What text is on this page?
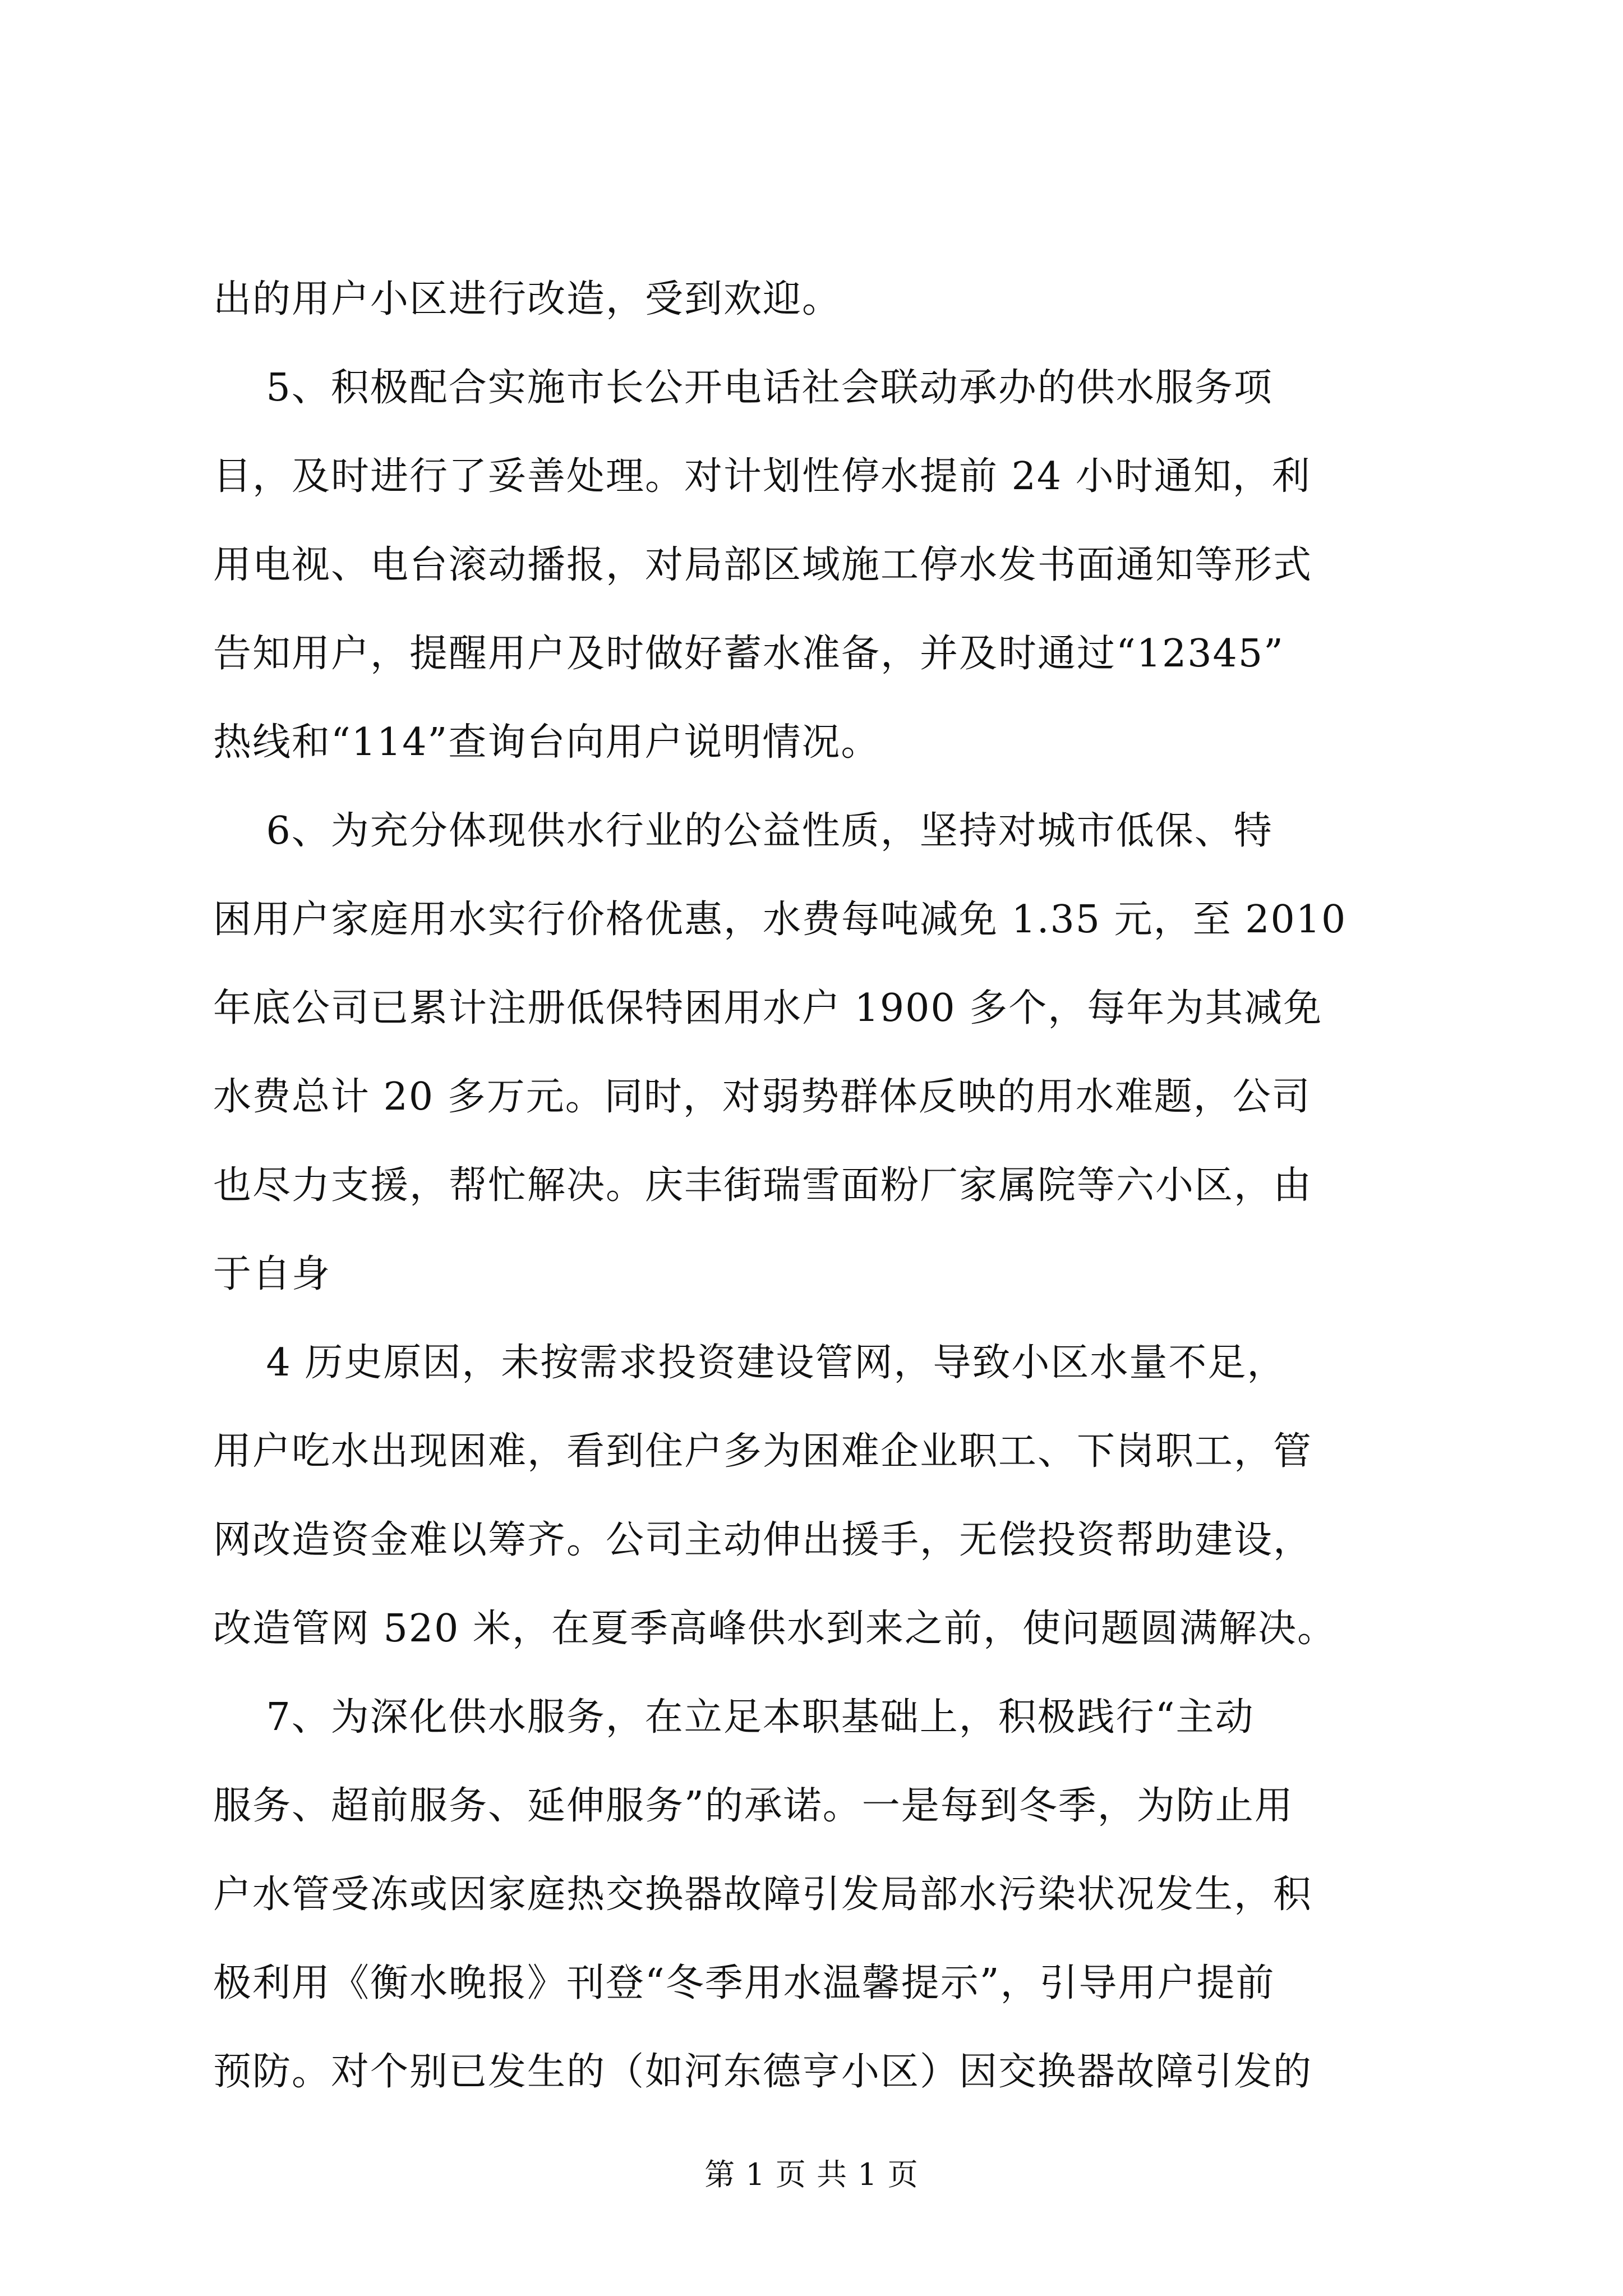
出的用户小区进行改造，受到欢迎。
5、积极配合实施市长公开电话社会联动承办的供水服务项
目，及时进行了妥善处理。对计划性停水提前 24 小时通知，利
用电视、电台滚动播报，对局部区域施工停水发书面通知等形式
告知用户，提醒用户及时做好蓄水准备，并及时通过“12345”
热线和“114”查询台向用户说明情况。
6、为充分体现供水行业的公益性质，坚持对城市低保、特
困用户家庭用水实行价格优惠，水费每吨减免 1.35 元，至 2010
年底公司已累计注册低保特困用水户 1900 多个，每年为其减免
水费总计 20 多万元。同时，对弱势群体反映的用水难题，公司
也尽力支援，帮忙解决。庆丰街瑞雪面粉厂家属院等六小区，由
于自身
4 历史原因，未按需求投资建设管网，导致小区水量不足，
用户吃水出现困难，看到住户多为困难企业职工、下岗职工，管
网改造资金难以筹齐。公司主动伸出援手，无偿投资帮助建设，
改造管网 520 米，在夏季高峰供水到来之前，使问题圆满解决。
7、为深化供水服务，在立足本职基础上，积极践行“主动
服务、超前服务、延伸服务”的承诺。一是每到冬季，为防止用
户水管受冻或因家庭热交换器故障引发局部水污染状况发生，积
极利用《衡水晚报》刊登“冬季用水温馨提示”，引导用户提前
预防。对个别已发生的（如河东德亨小区）因交换器故障引发的
第 1 页 共 1 页
